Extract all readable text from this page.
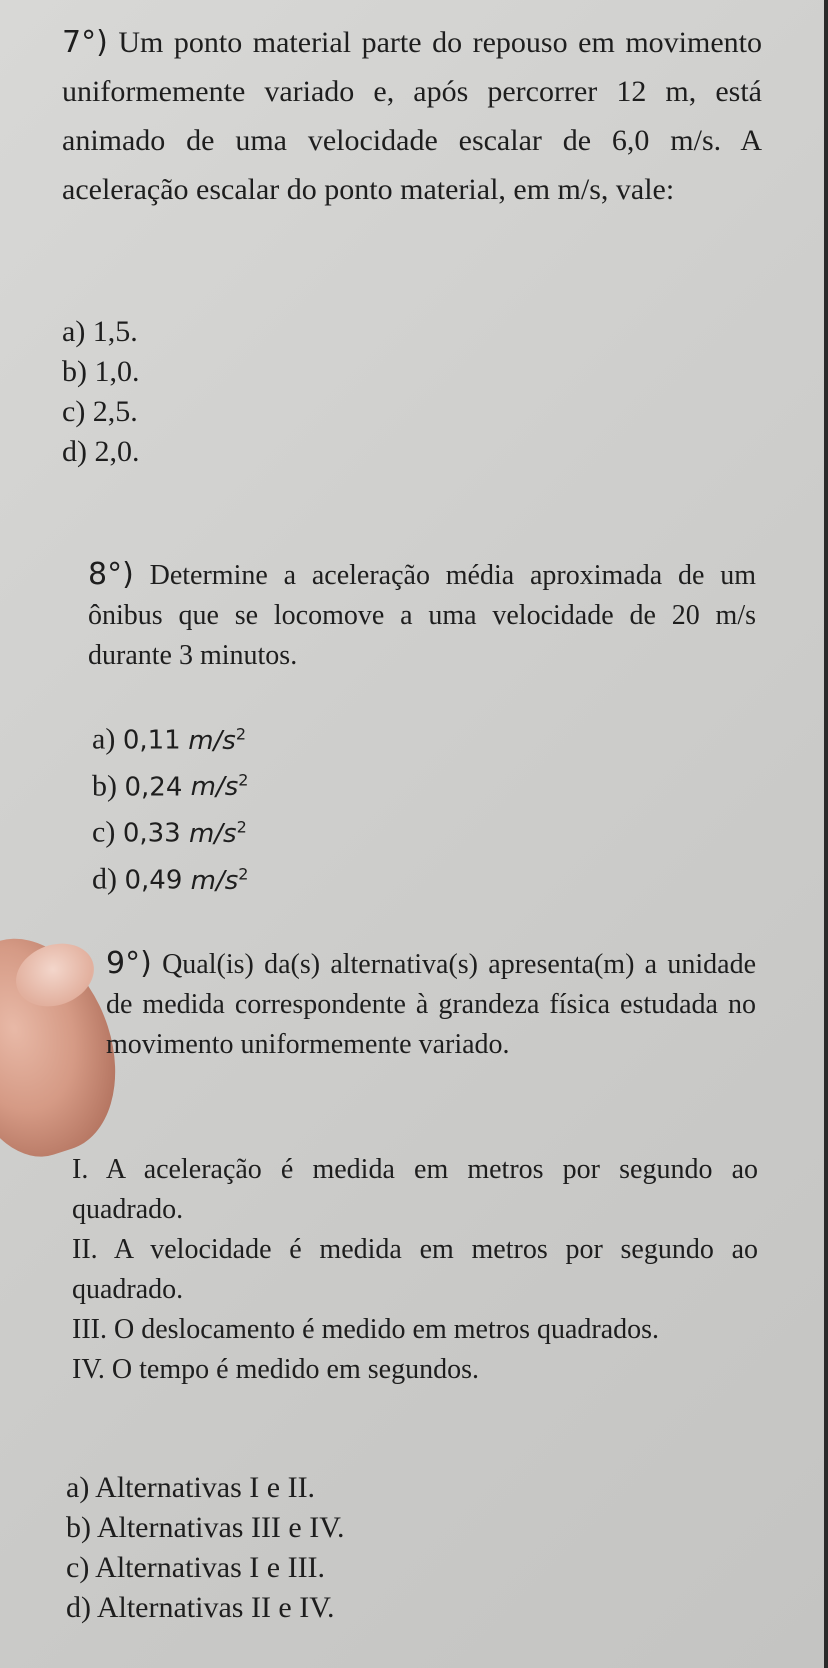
7°) Um ponto material parte do repouso em movimento uniformemente variado e, após percorrer 12 m, está animado de uma velocidade escalar de 6,0 m/s. A aceleração escalar do ponto material, em m/s, vale:

a) 1,5.

b) 1,0.

c) 2,5.

d) 2,0.

8°) Determine a aceleração média aproximada de um ônibus que se locomove a uma velocidade de 20 m/s durante 3 minutos.

a) 0,11 $m/s^2$

b) 0,24 $m/s^2$

c) 0,33 $m/s^2$

d) 0,49 $m/s^2$

9°) Qual(is) da(s) alternativa(s) apresenta(m) a unidade de medida correspondente à grandeza física estudada no movimento uniformemente variado.

I. A aceleração é medida em metros por segundo ao quadrado.

II. A velocidade é medida em metros por segundo ao quadrado.

III. O deslocamento é medido em metros quadrados.

IV. O tempo é medido em segundos.

a) Alternativas I e II.

b) Alternativas III e IV.

c) Alternativas I e III.

d) Alternativas II e IV.
